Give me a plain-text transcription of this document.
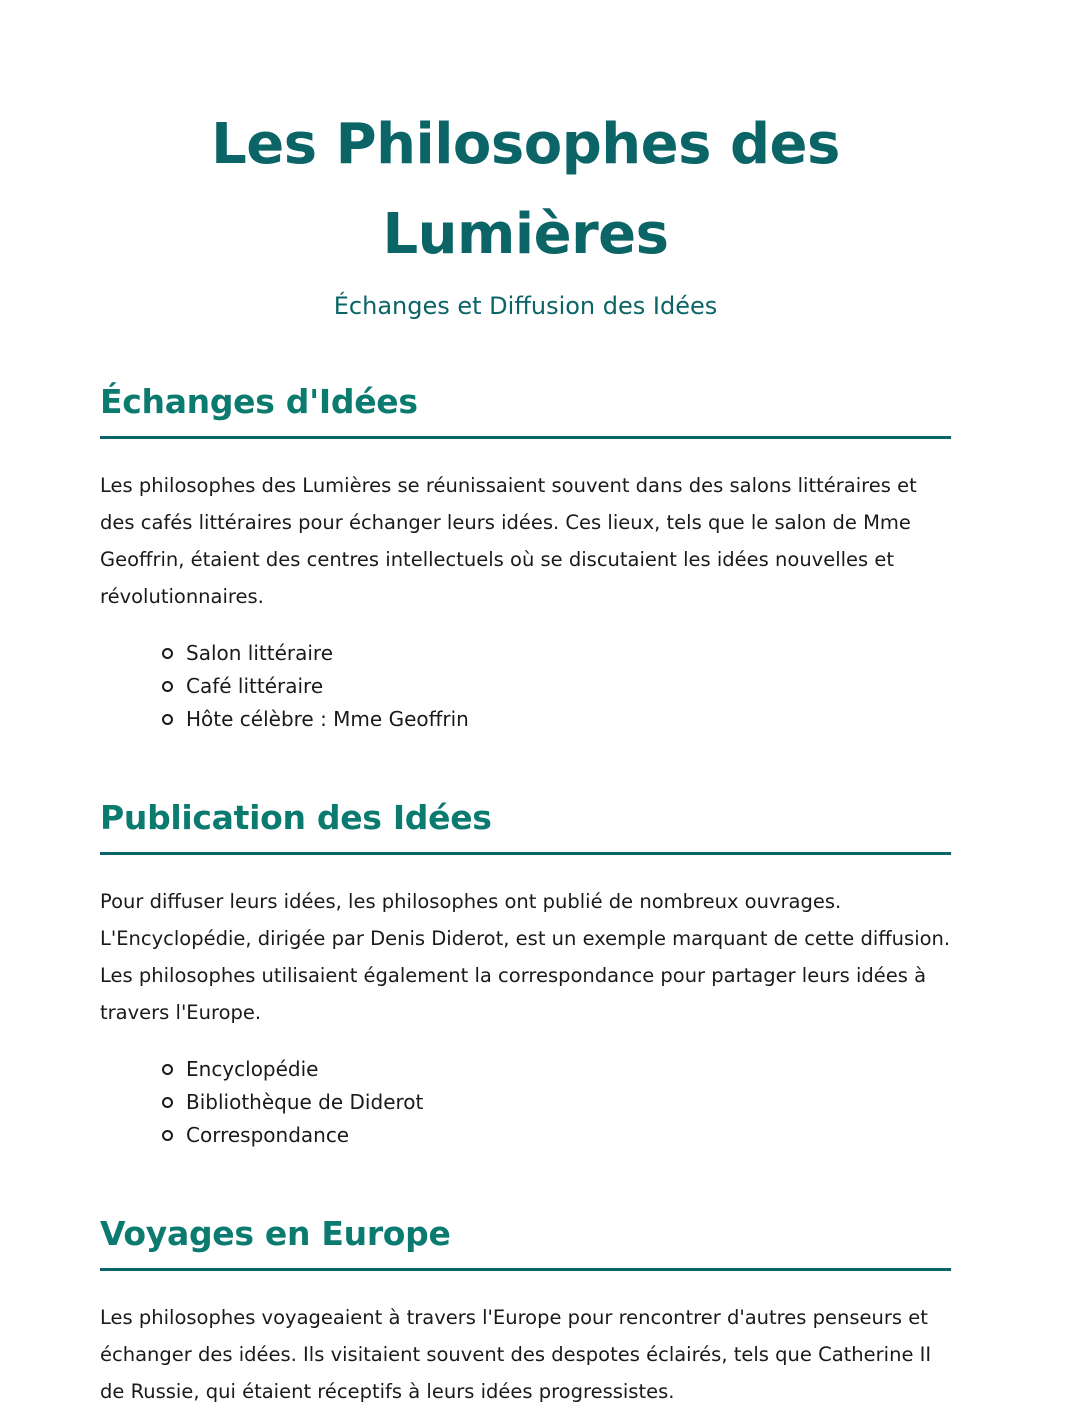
Les Philosophes des Lumières
Échanges et Diffusion des Idées
Échanges d'Idées

Les philosophes des Lumières se réunissaient souvent dans des salons littéraires et des cafés littéraires pour échanger leurs idées. Ces lieux, tels que le salon de Mme Geoffrin, étaient des centres intellectuels où se discutaient les idées nouvelles et révolutionnaires.

Salon littéraire
Café littéraire
Hôte célèbre : Mme Geoffrin
Publication des Idées

Pour diffuser leurs idées, les philosophes ont publié de nombreux ouvrages. L'Encyclopédie, dirigée par Denis Diderot, est un exemple marquant de cette diffusion. Les philosophes utilisaient également la correspondance pour partager leurs idées à travers l'Europe.

Encyclopédie
Bibliothèque de Diderot
Correspondance
Voyages en Europe

Les philosophes voyageaient à travers l'Europe pour rencontrer d'autres penseurs et échanger des idées. Ils visitaient souvent des despotes éclairés, tels que Catherine II de Russie, qui étaient réceptifs à leurs idées progressistes.
